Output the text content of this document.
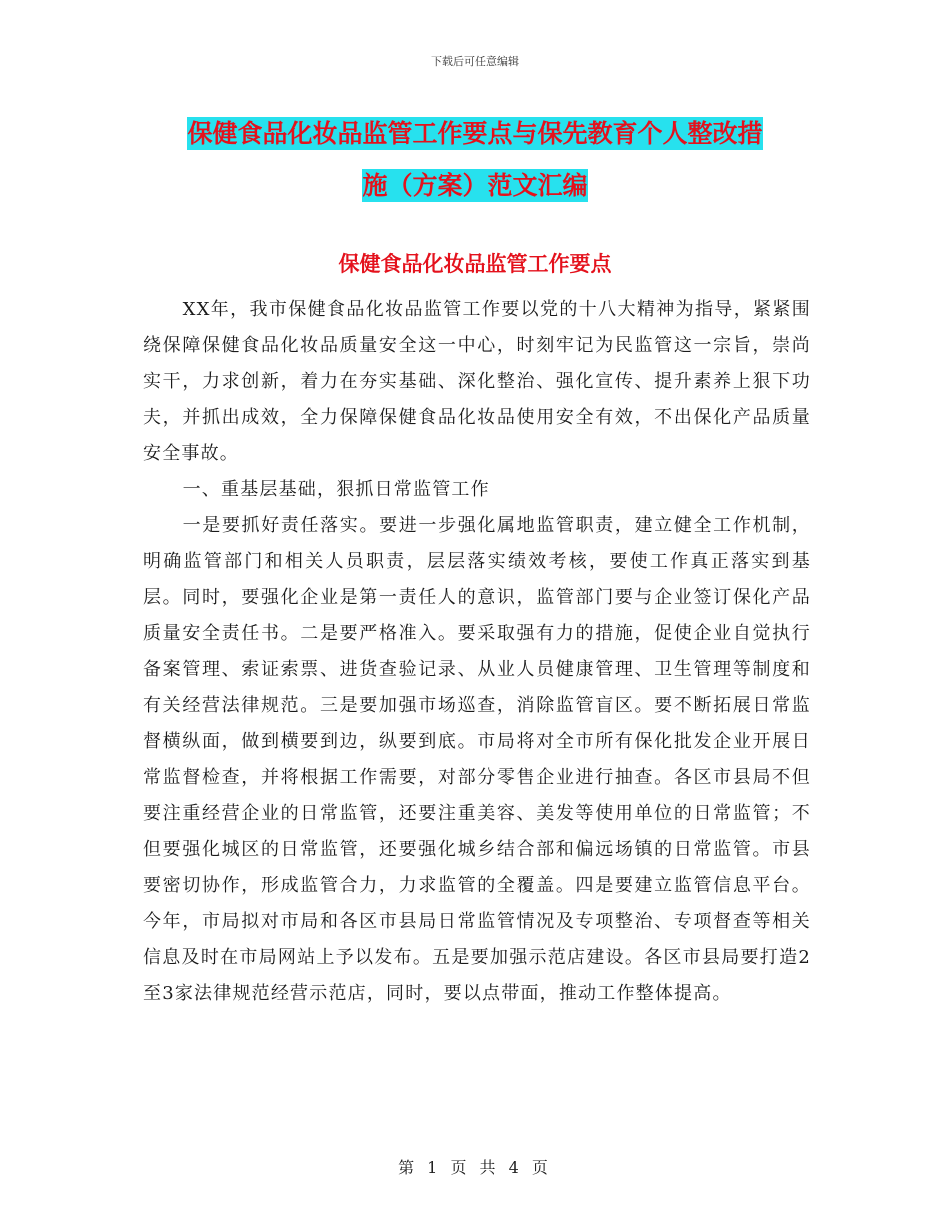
下载后可任意编辑
保健食品化妆品监管工作要点与保先教育个人整改措
施（方案）范文汇编
保健食品化妆品监管工作要点

XX年，我市保健食品化妆品监管工作要以党的十八大精神为指导，紧紧围绕保障保健食品化妆品质量安全这一中心，时刻牢记为民监管这一宗旨，崇尚实干，力求创新，着力在夯实基础、深化整治、强化宣传、提升素养上狠下功夫，并抓出成效，全力保障保健食品化妆品使用安全有效，不出保化产品质量安全事故。

一、重基层基础，狠抓日常监管工作

一是要抓好责任落实。要进一步强化属地监管职责，建立健全工作机制，明确监管部门和相关人员职责，层层落实绩效考核，要使工作真正落实到基层。同时，要强化企业是第一责任人的意识，监管部门要与企业签订保化产品质量安全责任书。二是要严格准入。要采取强有力的措施，促使企业自觉执行备案管理、索证索票、进货查验记录、从业人员健康管理、卫生管理等制度和有关经营法律规范。三是要加强市场巡查，消除监管盲区。要不断拓展日常监督横纵面，做到横要到边，纵要到底。市局将对全市所有保化批发企业开展日常监督检查，并将根据工作需要，对部分零售企业进行抽查。各区市县局不但要注重经营企业的日常监管，还要注重美容、美发等使用单位的日常监管；不但要强化城区的日常监管，还要强化城乡结合部和偏远场镇的日常监管。市县要密切协作，形成监管合力，力求监管的全覆盖。四是要建立监管信息平台。今年，市局拟对市局和各区市县局日常监管情况及专项整治、专项督查等相关信息及时在市局网站上予以发布。五是要加强示范店建设。各区市县局要打造2至3家法律规范经营示范店，同时，要以点带面，推动工作整体提高。

第 1 页 共 4 页
